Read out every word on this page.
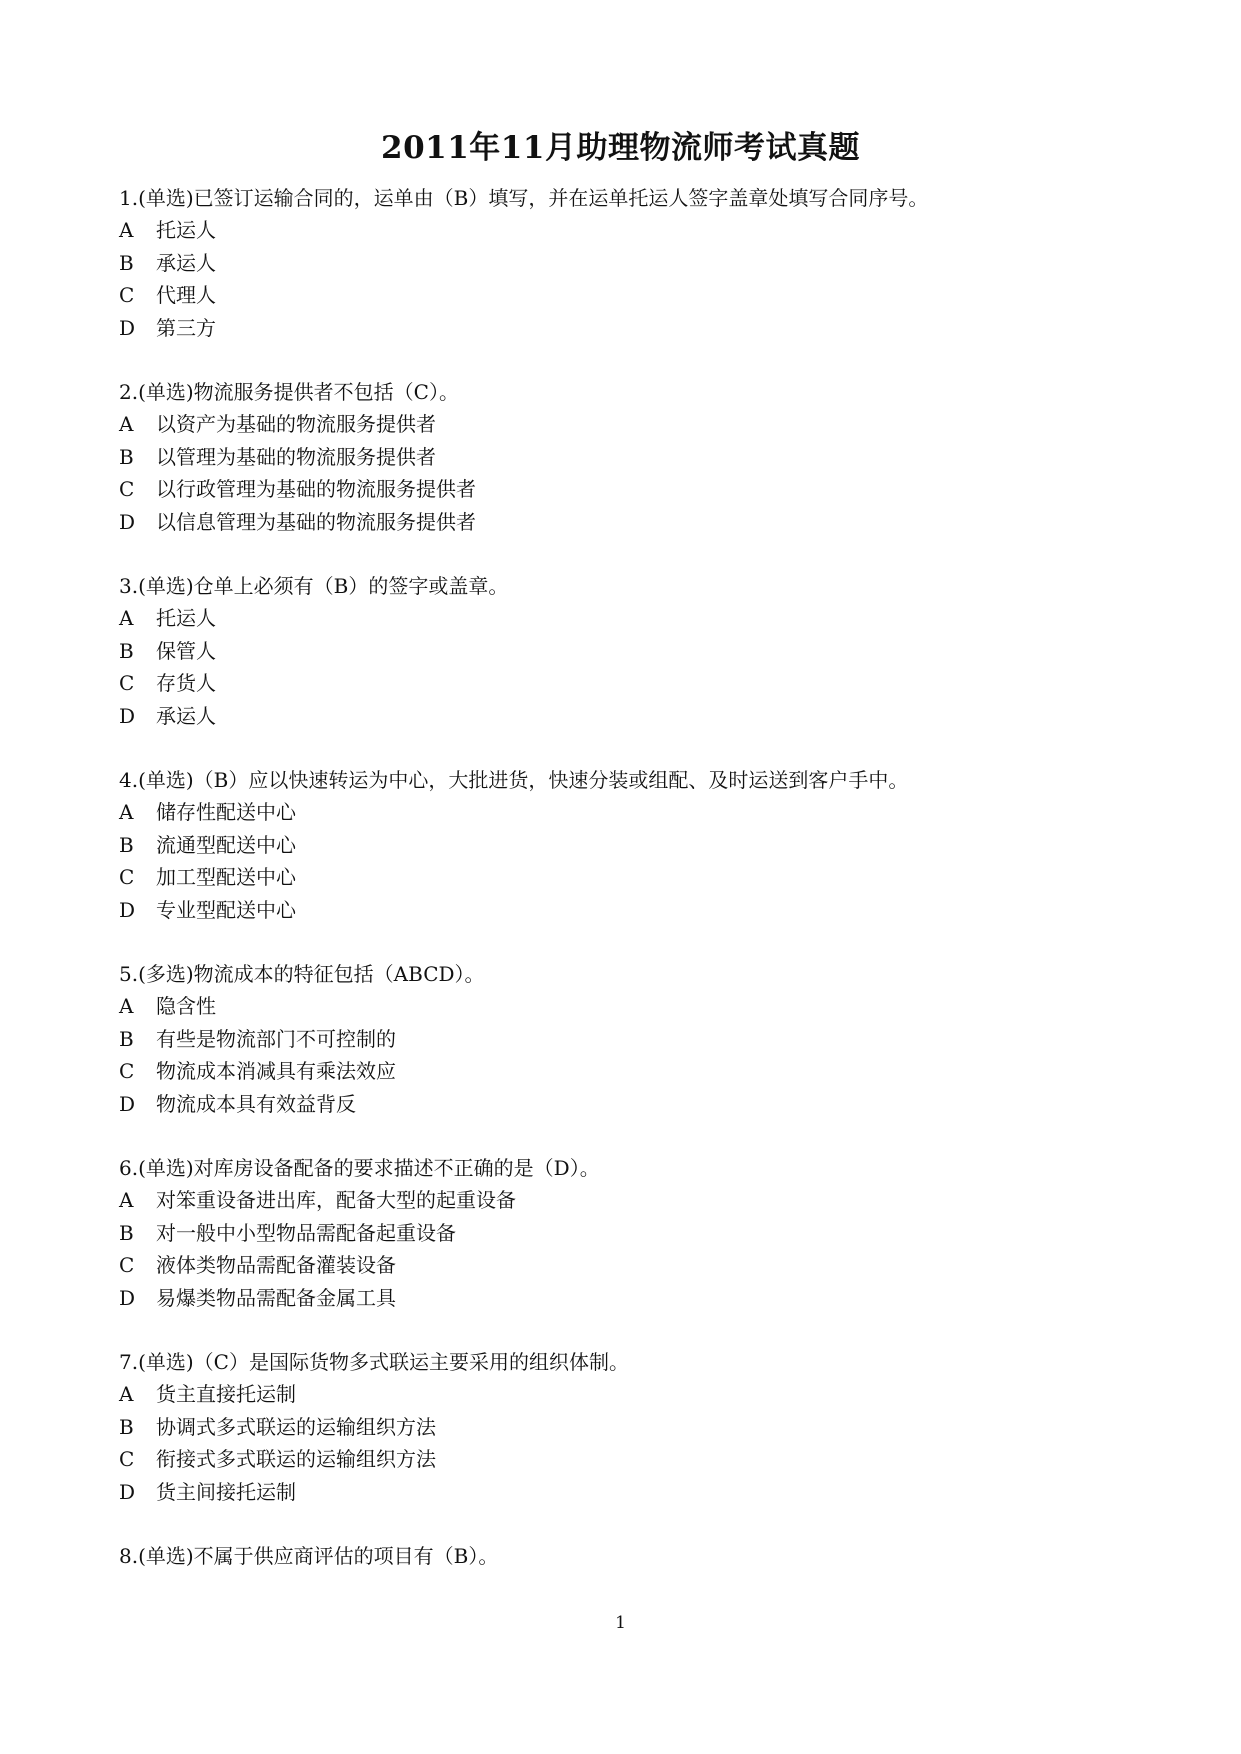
2011年11月助理物流师考试真题
1.(单选)已签订运输合同的，运单由（B）填写，并在运单托运人签字盖章处填写合同序号。
A 托运人
B 承运人
C 代理人
D 第三方
2.(单选)物流服务提供者不包括（C）。
A 以资产为基础的物流服务提供者
B 以管理为基础的物流服务提供者
C 以行政管理为基础的物流服务提供者
D 以信息管理为基础的物流服务提供者
3.(单选)仓单上必须有（B）的签字或盖章。
A 托运人
B 保管人
C 存货人
D 承运人
4.(单选)（B）应以快速转运为中心，大批进货，快速分装或组配、及时运送到客户手中。
A 储存性配送中心
B 流通型配送中心
C 加工型配送中心
D 专业型配送中心
5.(多选)物流成本的特征包括（ABCD）。
A 隐含性
B 有些是物流部门不可控制的
C 物流成本消减具有乘法效应
D 物流成本具有效益背反
6.(单选)对库房设备配备的要求描述不正确的是（D）。
A 对笨重设备进出库，配备大型的起重设备
B 对一般中小型物品需配备起重设备
C 液体类物品需配备灌装设备
D 易爆类物品需配备金属工具
7.(单选)（C）是国际货物多式联运主要采用的组织体制。
A 货主直接托运制
B 协调式多式联运的运输组织方法
C 衔接式多式联运的运输组织方法
D 货主间接托运制
8.(单选)不属于供应商评估的项目有（B）。
1
